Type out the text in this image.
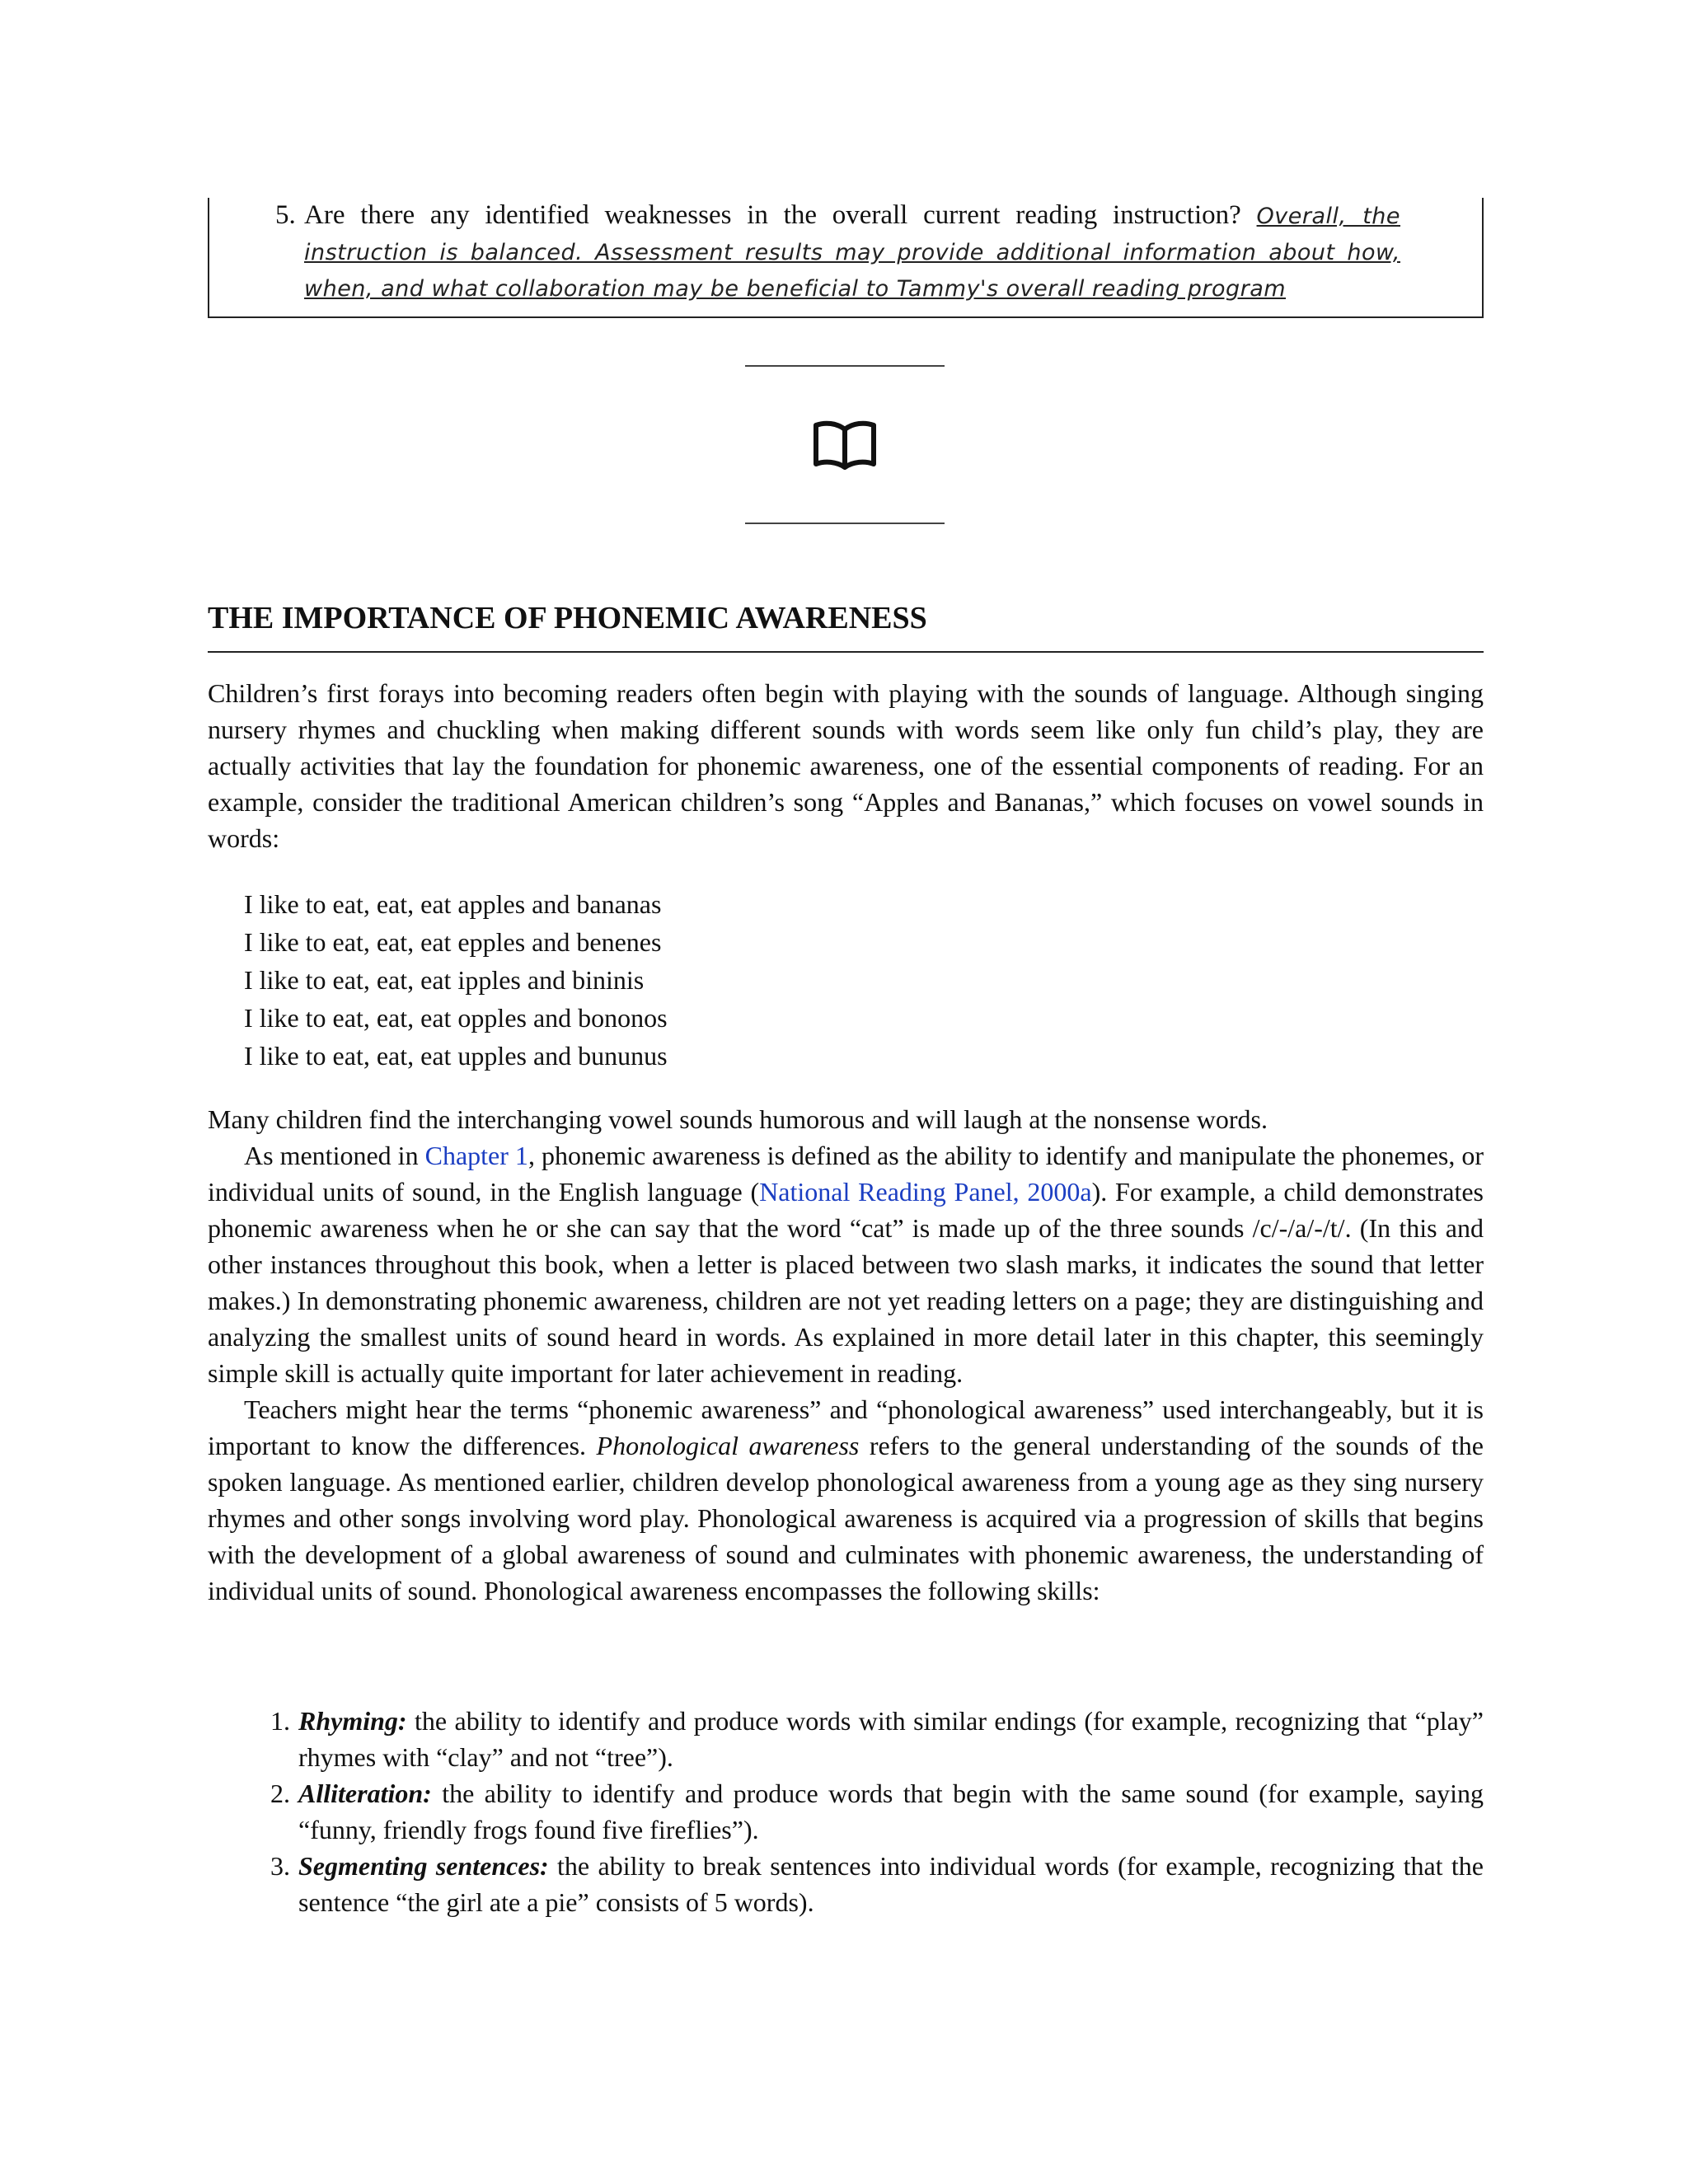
5. Are there any identified weaknesses in the overall current reading instruction? Overall, the instruction is balanced. Assessment results may provide additional information about how, when, and what collaboration may be beneficial to Tammy's overall reading program
THE IMPORTANCE OF PHONEMIC AWARENESS
Children’s first forays into becoming readers often begin with playing with the sounds of language. Although singing nursery rhymes and chuckling when making different sounds with words seem like only fun child’s play, they are actually activities that lay the foundation for phonemic awareness, one of the essential components of reading. For an example, consider the traditional American children’s song “Apples and Bananas,” which focuses on vowel sounds in words:
I like to eat, eat, eat apples and bananas
I like to eat, eat, eat epples and benenes
I like to eat, eat, eat ipples and bininis
I like to eat, eat, eat opples and bononos
I like to eat, eat, eat upples and bununus

Many children find the interchanging vowel sounds humorous and will laugh at the nonsense words.

As mentioned in Chapter 1, phonemic awareness is defined as the ability to identify and manipulate the phonemes, or individual units of sound, in the English language (National Reading Panel, 2000a). For example, a child demonstrates phonemic awareness when he or she can say that the word “cat” is made up of the three sounds /c/-/a/-/t/. (In this and other instances throughout this book, when a letter is placed between two slash marks, it indicates the sound that letter makes.) In demonstrating phonemic awareness, children are not yet reading letters on a page; they are distinguishing and analyzing the smallest units of sound heard in words. As explained in more detail later in this chapter, this seemingly simple skill is actually quite important for later achievement in reading.

Teachers might hear the terms “phonemic awareness” and “phonological awareness” used interchangeably, but it is important to know the differences. Phonological awareness refers to the general understanding of the sounds of the spoken language. As mentioned earlier, children develop phonological awareness from a young age as they sing nursery rhymes and other songs involving word play. Phonological awareness is acquired via a progression of skills that begins with the development of a global awareness of sound and culminates with phonemic awareness, the understanding of individual units of sound. Phonological awareness encompasses the following skills:

1. Rhyming: the ability to identify and produce words with similar endings (for example, recognizing that “play” rhymes with “clay” and not “tree”).
2. Alliteration: the ability to identify and produce words that begin with the same sound (for example, saying “funny, friendly frogs found five fireflies”).
3. Segmenting sentences: the ability to break sentences into individual words (for example, recognizing that the sentence “the girl ate a pie” consists of 5 words).
